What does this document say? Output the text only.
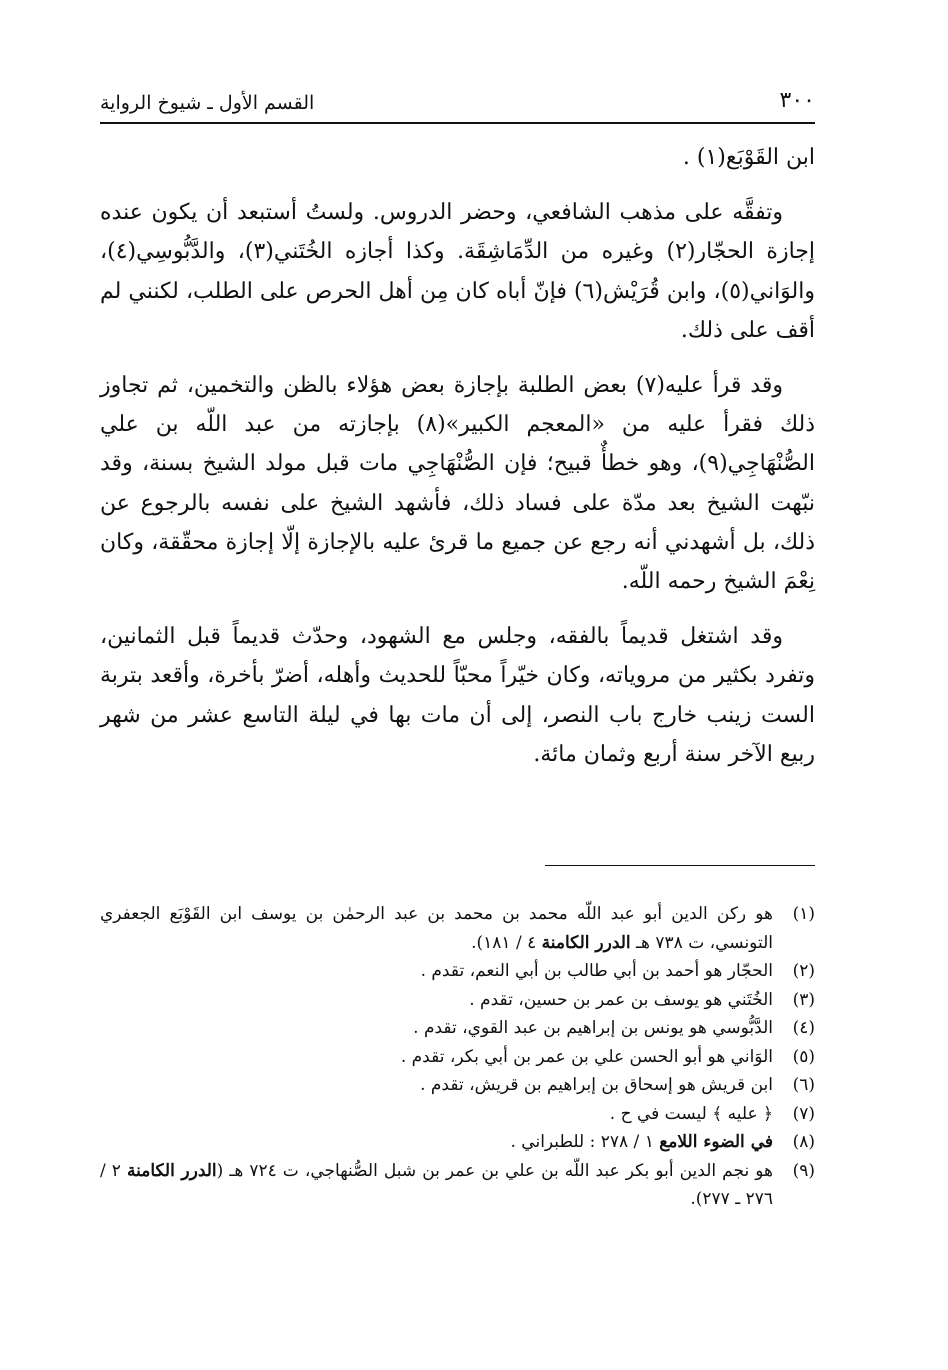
٣٠٠
القسم الأول ـ شيوخ الرواية

ابن القَوْبَع(١) .

وتفقَّه على مذهب الشافعي، وحضر الدروس. ولستُ أستبعد أن يكون عنده إجازة الحجّار(٢) وغيره من الدِّمَاشِقَة. وكذا أجازه الخُتَني(٣)، والدَّبُّوسِي(٤)، والوَاني(٥)، وابن قُرَيْش(٦) فإنّ أباه كان مِن أهل الحرص على الطلب، لكنني لم أقف على ذلك.

وقد قرأ عليه(٧) بعض الطلبة بإجازة بعض هؤلاء بالظن والتخمين، ثم تجاوز ذلك فقرأ عليه من «المعجم الكبير»(٨) بإجازته من عبد اللّه بن علي الصُّنْهَاجِي(٩)، وهو خطأٌ قبيح؛ فإن الصُّنْهَاجِي مات قبل مولد الشيخ بسنة، وقد نبّهت الشيخ بعد مدّة على فساد ذلك، فأشهد الشيخ على نفسه بالرجوع عن ذلك، بل أشهدني أنه رجع عن جميع ما قرئ عليه بالإجازة إلّا إجازة محقّقة، وكان نِعْمَ الشيخ رحمه اللّه.

وقد اشتغل قديماً بالفقه، وجلس مع الشهود، وحدّث قديماً قبل الثمانين، وتفرد بكثير من مروياته، وكان خيّراً محبّاً للحديث وأهله، أضرّ بأخرة، وأقعد بتربة الست زينب خارج باب النصر، إلى أن مات بها في ليلة التاسع عشر من شهر ربيع الآخر سنة أربع وثمان مائة.

(١)
هو ركن الدين أبو عبد اللّه محمد بن محمد بن عبد الرحمٰن بن يوسف ابن القَوْبَع الجعفري التونسي، ت ٧٣٨ هـ الدرر الكامنة ٤ / ١٨١).
(٢)
الحجّار هو أحمد بن أبي طالب بن أبي النعم، تقدم .
(٣)
الخُتَني هو يوسف بن عمر بن حسين، تقدم .
(٤)
الدَّبُّوسي هو يونس بن إبراهيم بن عبد القوي، تقدم .
(٥)
الوَاني هو أبو الحسن علي بن عمر بن أبي بكر، تقدم .
(٦)
ابن قريش هو إسحاق بن إبراهيم بن قريش، تقدم .
(٧)
﴿ عليه ﴾ ليست في ح .
(٨)
في الضوء اللامع ١ / ٢٧٨ : للطبراني .
(٩)
هو نجم الدين أبو بكر عبد اللّه بن علي بن عمر بن شبل الصُّنهاجي، ت ٧٢٤ هـ (الدرر الكامنة ٢ / ٢٧٦ ـ ٢٧٧).
